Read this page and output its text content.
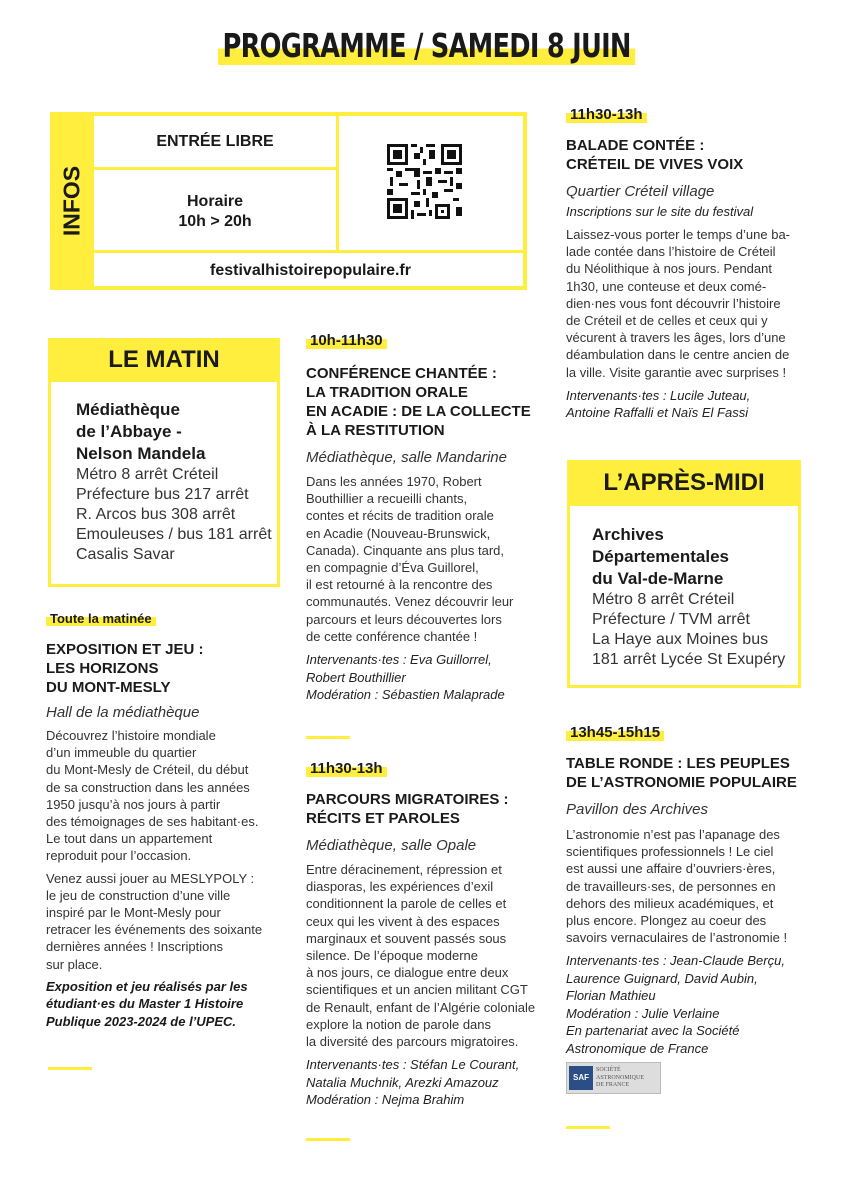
PROGRAMME / SAMEDI 8 JUIN
INFOS
ENTRÉE LIBRE
Horaire
10h > 20h
festivalhistoirepopulaire.fr
LE MATIN
Médiathèque
de l’Abbaye -
Nelson Mandela
Métro 8 arrêt Créteil
Préfecture bus 217 arrêt
R. Arcos bus 308 arrêt
Emouleuses / bus 181 arrêt
Casalis Savar
Toute la matinée
EXPOSITION ET JEU :
LES HORIZONS
DU MONT-MESLY
Hall de la médiathèque
Découvrez l’histoire mondiale
d’un immeuble du quartier
du Mont-Mesly de Créteil, du début
de sa construction dans les années
1950 jusqu’à nos jours à partir
des témoignages de ses habitant·es.
Le tout dans un appartement
reproduit pour l’occasion.
Venez aussi jouer au MESLYPOLY :
le jeu de construction d’une ville
inspiré par le Mont-Mesly pour
retracer les événements des soixante
dernières années ! Inscriptions
sur place.
Exposition et jeu réalisés par les
étudiant·es du Master 1 Histoire
Publique 2023-2024 de l’UPEC.
10h-11h30
CONFÉRENCE CHANTÉE :
LA TRADITION ORALE
EN ACADIE : DE LA COLLECTE
À LA RESTITUTION
Médiathèque, salle Mandarine
Dans les années 1970, Robert
Bouthillier a recueilli chants,
contes et récits de tradition orale
en Acadie (Nouveau-Brunswick,
Canada). Cinquante ans plus tard,
en compagnie d’Éva Guillorel,
il est retourné à la rencontre des
communautés. Venez découvrir leur
parcours et leurs découvertes lors
de cette conférence chantée !
Intervenants·tes : Eva Guillorrel,
Robert Bouthillier
Modération : Sébastien Malaprade
11h30-13h
PARCOURS MIGRATOIRES :
RÉCITS ET PAROLES
Médiathèque, salle Opale
Entre déracinement, répression et
diasporas, les expériences d’exil
conditionnent la parole de celles et
ceux qui les vivent à des espaces
marginaux et souvent passés sous
silence. De l’époque moderne
à nos jours, ce dialogue entre deux
scientifiques et un ancien militant CGT
de Renault, enfant de l’Algérie coloniale
explore la notion de parole dans
la diversité des parcours migratoires.
Intervenants·tes : Stéfan Le Courant,
Natalia Muchnik, Arezki Amazouz
Modération : Nejma Brahim
11h30-13h
BALADE CONTÉE :
CRÉTEIL DE VIVES VOIX
Quartier Créteil village
Inscriptions sur le site du festival
Laissez-vous porter le temps d’une ba-
lade contée dans l’histoire de Créteil
du Néolithique à nos jours. Pendant
1h30, une conteuse et deux comé-
dien·nes vous font découvrir l’histoire
de Créteil et de celles et ceux qui y
vécurent à travers les âges, lors d’une
déambulation dans le centre ancien de
la ville. Visite garantie avec surprises !
Intervenants·tes : Lucile Juteau,
Antoine Raffalli et Naïs El Fassi
L’APRÈS-MIDI
Archives
Départementales
du Val-de-Marne
Métro 8 arrêt Créteil
Préfecture / TVM arrêt
La Haye aux Moines bus
181 arrêt Lycée St Exupéry
13h45-15h15
TABLE RONDE : LES PEUPLES
DE L’ASTRONOMIE POPULAIRE
Pavillon des Archives
L’astronomie n’est pas l’apanage des
scientifiques professionnels ! Le ciel
est aussi une affaire d’ouvriers·ères,
de travailleurs·ses, de personnes en
dehors des milieux académiques, et
plus encore. Plongez au coeur des
savoirs vernaculaires de l’astronomie !
Intervenants·tes : Jean-Claude Berçu,
Laurence Guignard, David Aubin,
Florian Mathieu
Modération : Julie Verlaine
En partenariat avec la Société
Astronomique de France
SAF
SOCIÉTÉ
ASTRONOMIQUE
DE FRANCE
